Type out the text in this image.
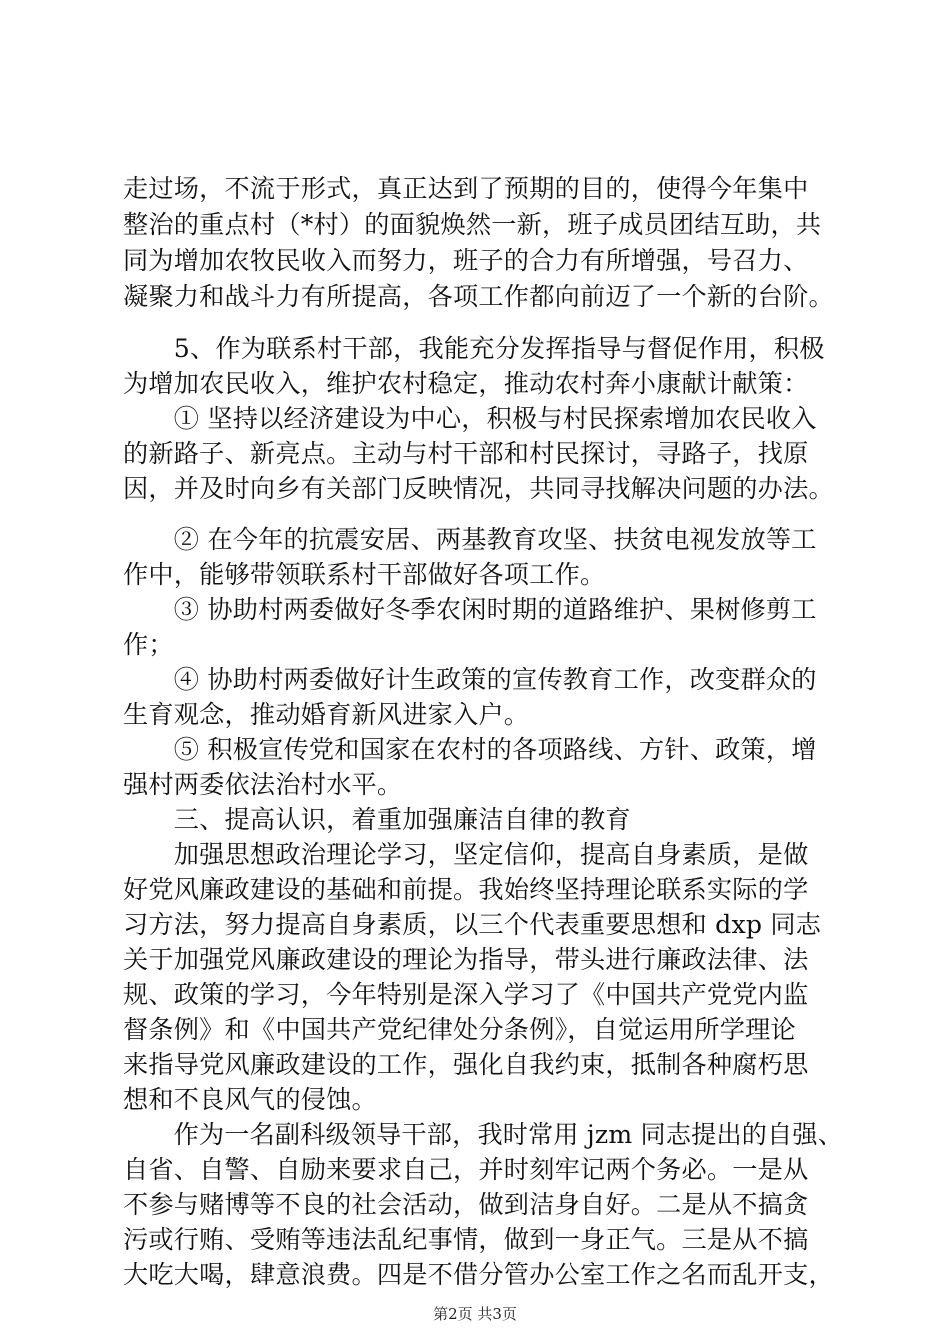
走过场，不流于形式，真正达到了预期的目的，使得今年集中
整治的重点村（*村）的面貌焕然一新，班子成员团结互助，共
同为增加农牧民收入而努力，班子的合力有所增强，号召力、
凝聚力和战斗力有所提高，各项工作都向前迈了一个新的台阶。
　　5、作为联系村干部，我能充分发挥指导与督促作用，积极
为增加农民收入，维护农村稳定，推动农村奔小康献计献策：
　　① 坚持以经济建设为中心，积极与村民探索增加农民收入
的新路子、新亮点。主动与村干部和村民探讨，寻路子，找原
因，并及时向乡有关部门反映情况，共同寻找解决问题的办法。
　　② 在今年的抗震安居、两基教育攻坚、扶贫电视发放等工
作中，能够带领联系村干部做好各项工作。
　　③ 协助村两委做好冬季农闲时期的道路维护、果树修剪工
作；
　　④ 协助村两委做好计生政策的宣传教育工作，改变群众的
生育观念，推动婚育新风进家入户。
　　⑤ 积极宣传党和国家在农村的各项路线、方针、政策，增
强村两委依法治村水平。
　　三、提高认识，着重加强廉洁自律的教育
　　加强思想政治理论学习，坚定信仰，提高自身素质，是做
好党风廉政建设的基础和前提。我始终坚持理论联系实际的学
习方法，努力提高自身素质，以三个代表重要思想和 dxp 同志
关于加强党风廉政建设的理论为指导，带头进行廉政法律、法
规、政策的学习，今年特别是深入学习了《中国共产党党内监
督条例》和《中国共产党纪律处分条例》，自觉运用所学理论
来指导党风廉政建设的工作，强化自我约束，抵制各种腐朽思
想和不良风气的侵蚀。
　　作为一名副科级领导干部，我时常用 jzm 同志提出的自强、
自省、自警、自励来要求自己，并时刻牢记两个务必。一是从
不参与赌博等不良的社会活动，做到洁身自好。二是从不搞贪
污或行贿、受贿等违法乱纪事情，做到一身正气。三是从不搞
大吃大喝，肆意浪费。四是不借分管办公室工作之名而乱开支，
第2页 共3页
